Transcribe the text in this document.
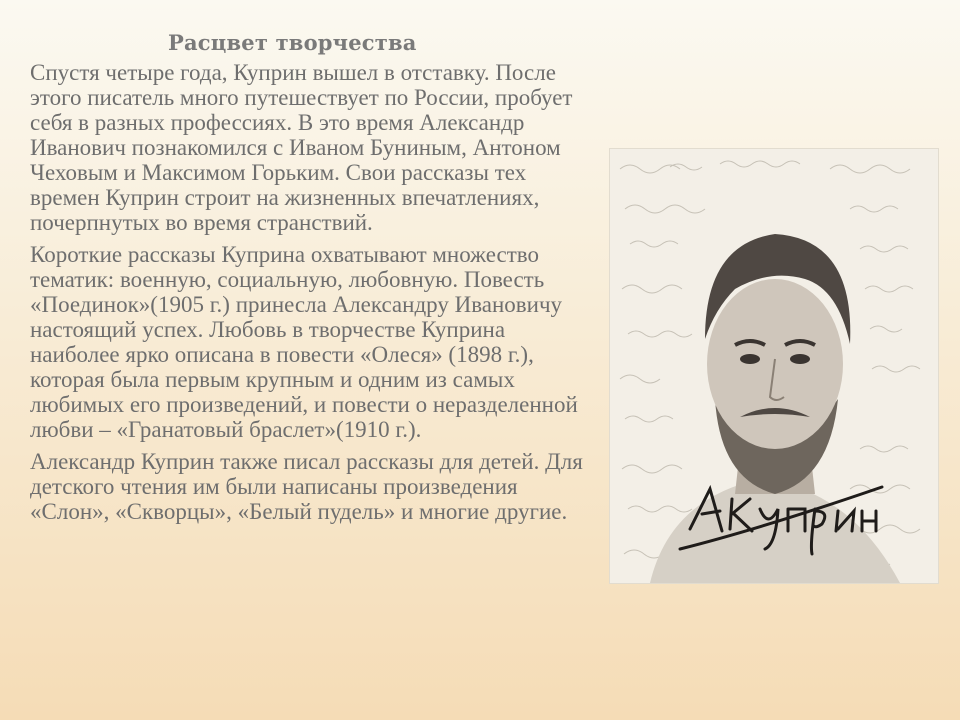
Расцвет творчества

Спустя четыре года, Куприн вышел в отставку. После этого писатель много путешествует по России, пробует себя в разных профессиях. В это время Александр Иванович познакомился с Иваном Буниным, Антоном Чеховым и Максимом Горьким. Свои рассказы тех времен Куприн строит на жизненных впечатлениях, почерпнутых во время странствий.

Короткие рассказы Куприна охватывают множество тематик: военную, социальную, любовную. Повесть «Поединок»(1905 г.) принесла Александру Ивановичу настоящий успех. Любовь в творчестве Куприна наиболее ярко описана в повести «Олеся» (1898 г.), которая была первым крупным и одним из самых любимых его произведений, и повести о неразделенной любви – «Гранатовый браслет»(1910 г.).

Александр Куприн также писал рассказы для детей. Для детского чтения им были написаны произведения «Слон», «Скворцы», «Белый пудель» и многие другие.
